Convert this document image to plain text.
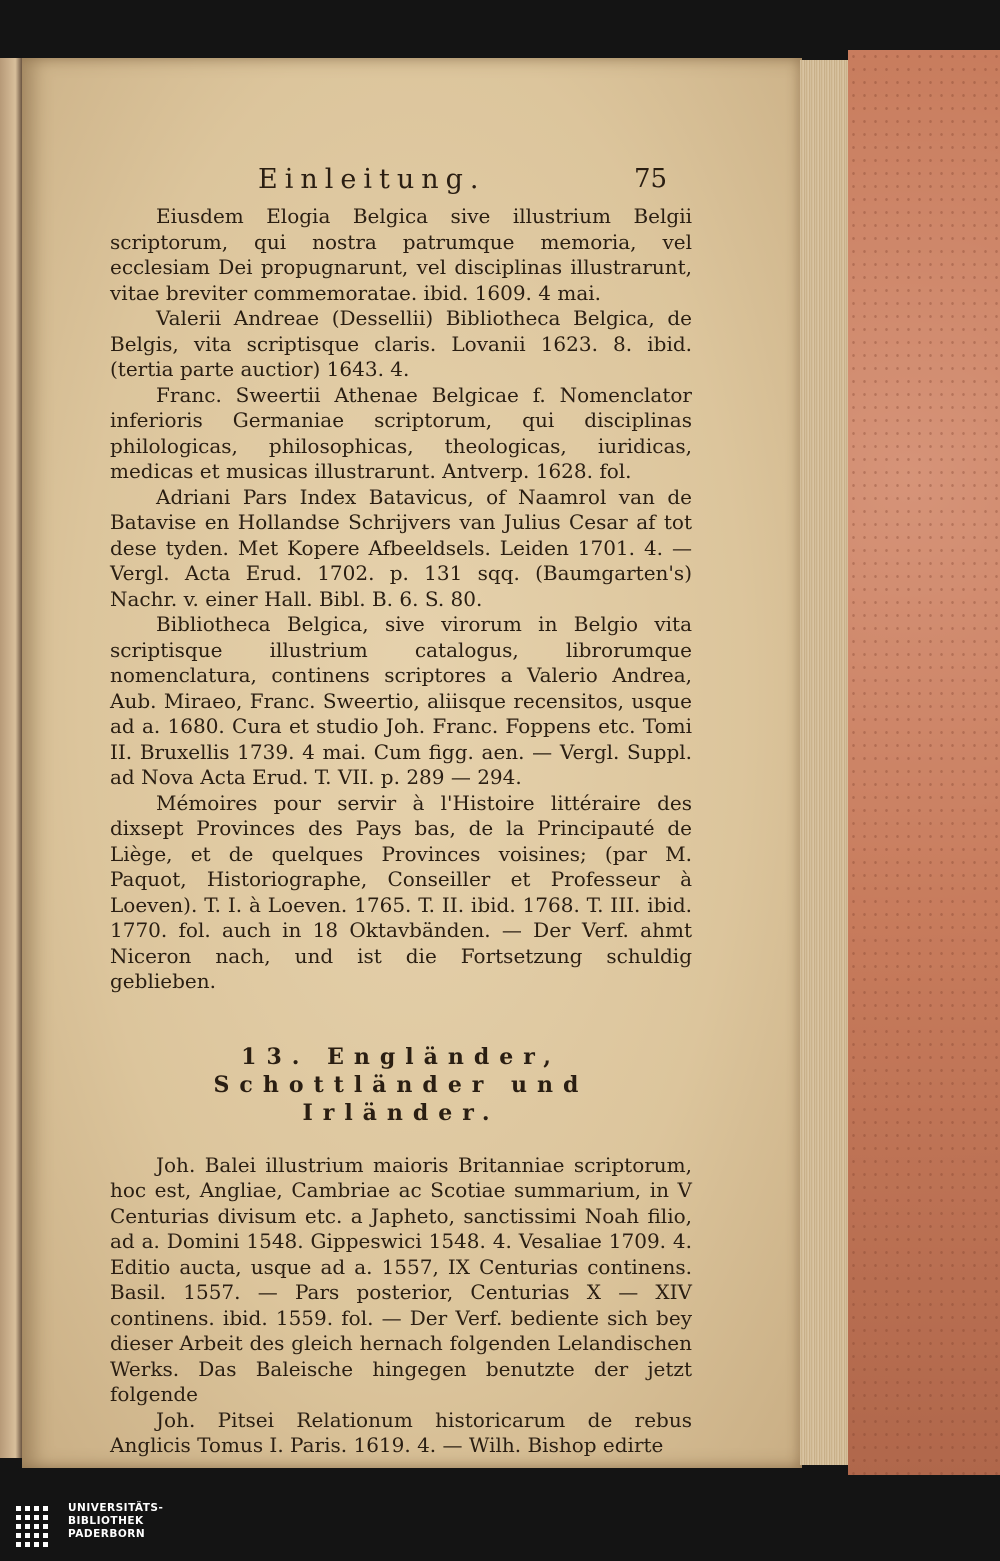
Einleitung.	75

Eiusdem Elogia Belgica sive illustrium Belgii scriptorum, qui nostra patrumque memoria, vel ecclesiam Dei propugnarunt, vel disciplinas illustrarunt, vitae breviter commemoratae. ibid. 1609. 4 mai.

Valerii Andreae (Dessellii) Bibliotheca Belgica, de Belgis, vita scriptisque claris. Lovanii 1623. 8. ibid. (tertia parte auctior) 1643. 4.

Franc. Sweertii Athenae Belgicae f. Nomenclator inferioris Germaniae scriptorum, qui disciplinas philologicas, philosophicas, theologicas, iuridicas, medicas et musicas illustrarunt. Antverp. 1628. fol.

Adriani Pars Index Batavicus, of Naamrol van de Batavise en Hollandse Schrijvers van Julius Cesar af tot dese tyden. Met Kopere Afbeeldsels. Leiden 1701. 4. — Vergl. Acta Erud. 1702. p. 131 sqq. (Baumgarten's) Nachr. v. einer Hall. Bibl. B. 6. S. 80.

Bibliotheca Belgica, sive virorum in Belgio vita scriptisque illustrium catalogus, librorumque nomenclatura, continens scriptores a Valerio Andrea, Aub. Miraeo, Franc. Sweertio, aliisque recensitos, usque ad a. 1680. Cura et studio Joh. Franc. Foppens etc. Tomi II. Bruxellis 1739. 4 mai. Cum figg. aen. — Vergl. Suppl. ad Nova Acta Erud. T. VII. p. 289 — 294.

Mémoires pour servir à l'Histoire littéraire des dixsept Provinces des Pays bas, de la Principauté de Liège, et de quelques Provinces voisines; (par M. Paquot, Historiographe, Conseiller et Professeur à Loeven). T. I. à Loeven. 1765. T. II. ibid. 1768. T. III. ibid. 1770. fol. auch in 18 Oktavbänden. — Der Verf. ahmt Niceron nach, und ist die Fortsetzung schuldig geblieben.

13. Engländer, Schottländer und Irländer.

Joh. Balei illustrium maioris Britanniae scriptorum, hoc est, Angliae, Cambriae ac Scotiae summarium, in V Centurias divisum etc. a Japheto, sanctissimi Noah filio, ad a. Domini 1548. Gippeswici 1548. 4. Vesaliae 1709. 4. Editio aucta, usque ad a. 1557, IX Centurias continens. Basil. 1557. — Pars posterior, Centurias X — XIV continens. ibid. 1559. fol. — Der Verf. bediente sich bey dieser Arbeit des gleich hernach folgenden Lelandischen Werks. Das Baleische hingegen benutzte der jetzt folgende

Joh. Pitsei Relationum historicarum de rebus Anglicis Tomus I. Paris. 1619. 4. — Wilh. Bishop edirte

UNIVERSITÄTS-
BIBLIOTHEK
PADERBORN
